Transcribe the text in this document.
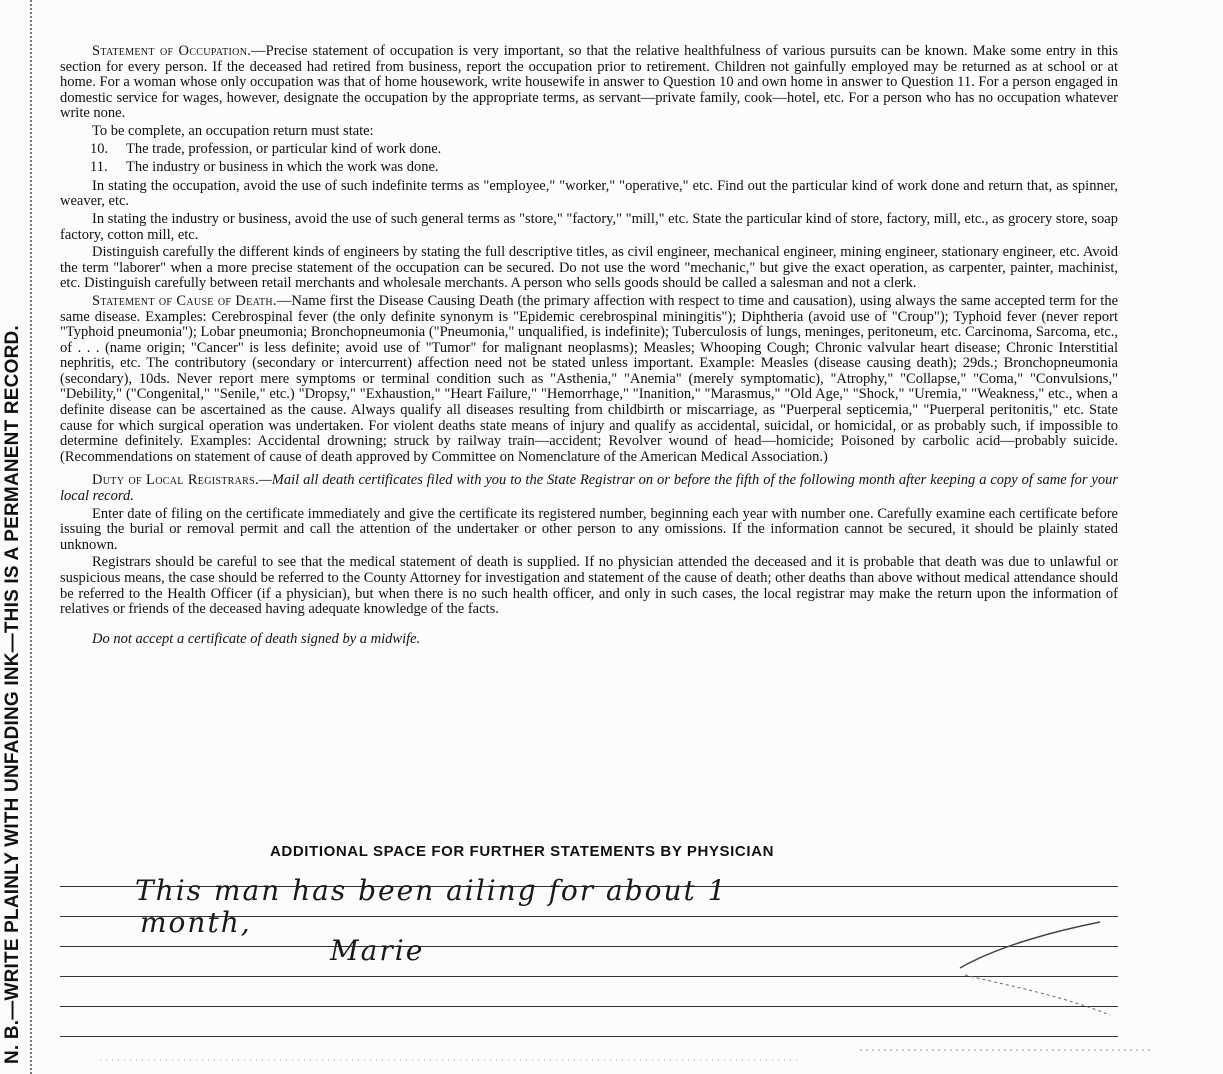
N. B.—WRITE PLAINLY WITH UNFADING INK—THIS IS A PERMANENT RECORD.

Statement of Occupation.—Precise statement of occupation is very important, so that the relative healthfulness of various pursuits can be known. Make some entry in this section for every person. If the deceased had retired from business, report the occupation prior to retirement. Children not gainfully employed may be returned as at school or at home. For a woman whose only occupation was that of home housework, write housewife in answer to Question 10 and own home in answer to Question 11. For a person engaged in domestic service for wages, however, designate the occupation by the appropriate terms, as servant—private family, cook—hotel, etc. For a person who has no occupation whatever write none.

To be complete, an occupation return must state:

10. The trade, profession, or particular kind of work done.

11. The industry or business in which the work was done.

In stating the occupation, avoid the use of such indefinite terms as "employee," "worker," "operative," etc. Find out the particular kind of work done and return that, as spinner, weaver, etc.

In stating the industry or business, avoid the use of such general terms as "store," "factory," "mill," etc. State the particular kind of store, factory, mill, etc., as grocery store, soap factory, cotton mill, etc.

Distinguish carefully the different kinds of engineers by stating the full descriptive titles, as civil engineer, mechanical engineer, mining engineer, stationary engineer, etc. Avoid the term "laborer" when a more precise statement of the occupation can be secured. Do not use the word "mechanic," but give the exact operation, as carpenter, painter, machinist, etc. Distinguish carefully between retail merchants and wholesale merchants. A person who sells goods should be called a salesman and not a clerk.

Statement of Cause of Death.—Name first the Disease Causing Death (the primary affection with respect to time and causation), using always the same accepted term for the same disease. Examples: Cerebrospinal fever (the only definite synonym is "Epidemic cerebrospinal miningitis"); Diphtheria (avoid use of "Croup"); Typhoid fever (never report "Typhoid pneumonia"); Lobar pneumonia; Bronchopneumonia ("Pneumonia," unqualified, is indefinite); Tuberculosis of lungs, meninges, peritoneum, etc. Carcinoma, Sarcoma, etc., of . . . (name origin; "Cancer" is less definite; avoid use of "Tumor" for malignant neoplasms); Measles; Whooping Cough; Chronic valvular heart disease; Chronic Interstitial nephritis, etc. The contributory (secondary or intercurrent) affection need not be stated unless important. Example: Measles (disease causing death); 29ds.; Bronchopneumonia (secondary), 10ds. Never report mere symptoms or terminal condition such as "Asthenia," "Anemia" (merely symptomatic), "Atrophy," "Collapse," "Coma," "Convulsions," "Debility," ("Congenital," "Senile," etc.) "Dropsy," "Exhaustion," "Heart Failure," "Hemorrhage," "Inanition," "Marasmus," "Old Age," "Shock," "Uremia," "Weakness," etc., when a definite disease can be ascertained as the cause. Always qualify all diseases resulting from childbirth or miscarriage, as "Puerperal septicemia," "Puerperal peritonitis," etc. State cause for which surgical operation was undertaken. For violent deaths state means of injury and qualify as accidental, suicidal, or homicidal, or as probably such, if impossible to determine definitely. Examples: Accidental drowning; struck by railway train—accident; Revolver wound of head—homicide; Poisoned by carbolic acid—probably suicide. (Recommendations on statement of cause of death approved by Committee on Nomenclature of the American Medical Association.)

Duty of Local Registrars.—Mail all death certificates filed with you to the State Registrar on or before the fifth of the following month after keeping a copy of same for your local record.

Enter date of filing on the certificate immediately and give the certificate its registered number, beginning each year with number one. Carefully examine each certificate before issuing the burial or removal permit and call the attention of the undertaker or other person to any omissions. If the information cannot be secured, it should be plainly stated unknown.

Registrars should be careful to see that the medical statement of death is supplied. If no physician attended the deceased and it is probable that death was due to unlawful or suspicious means, the case should be referred to the County Attorney for investigation and statement of the cause of death; other deaths than above without medical attendance should be referred to the Health Officer (if a physician), but when there is no such health officer, and only in such cases, the local registrar may make the return upon the information of relatives or friends of the deceased having adequate knowledge of the facts.

Do not accept a certificate of death signed by a midwife.

ADDITIONAL SPACE FOR FURTHER STATEMENTS BY PHYSICIAN
This man has been ailing for about 1
month,
Marie
